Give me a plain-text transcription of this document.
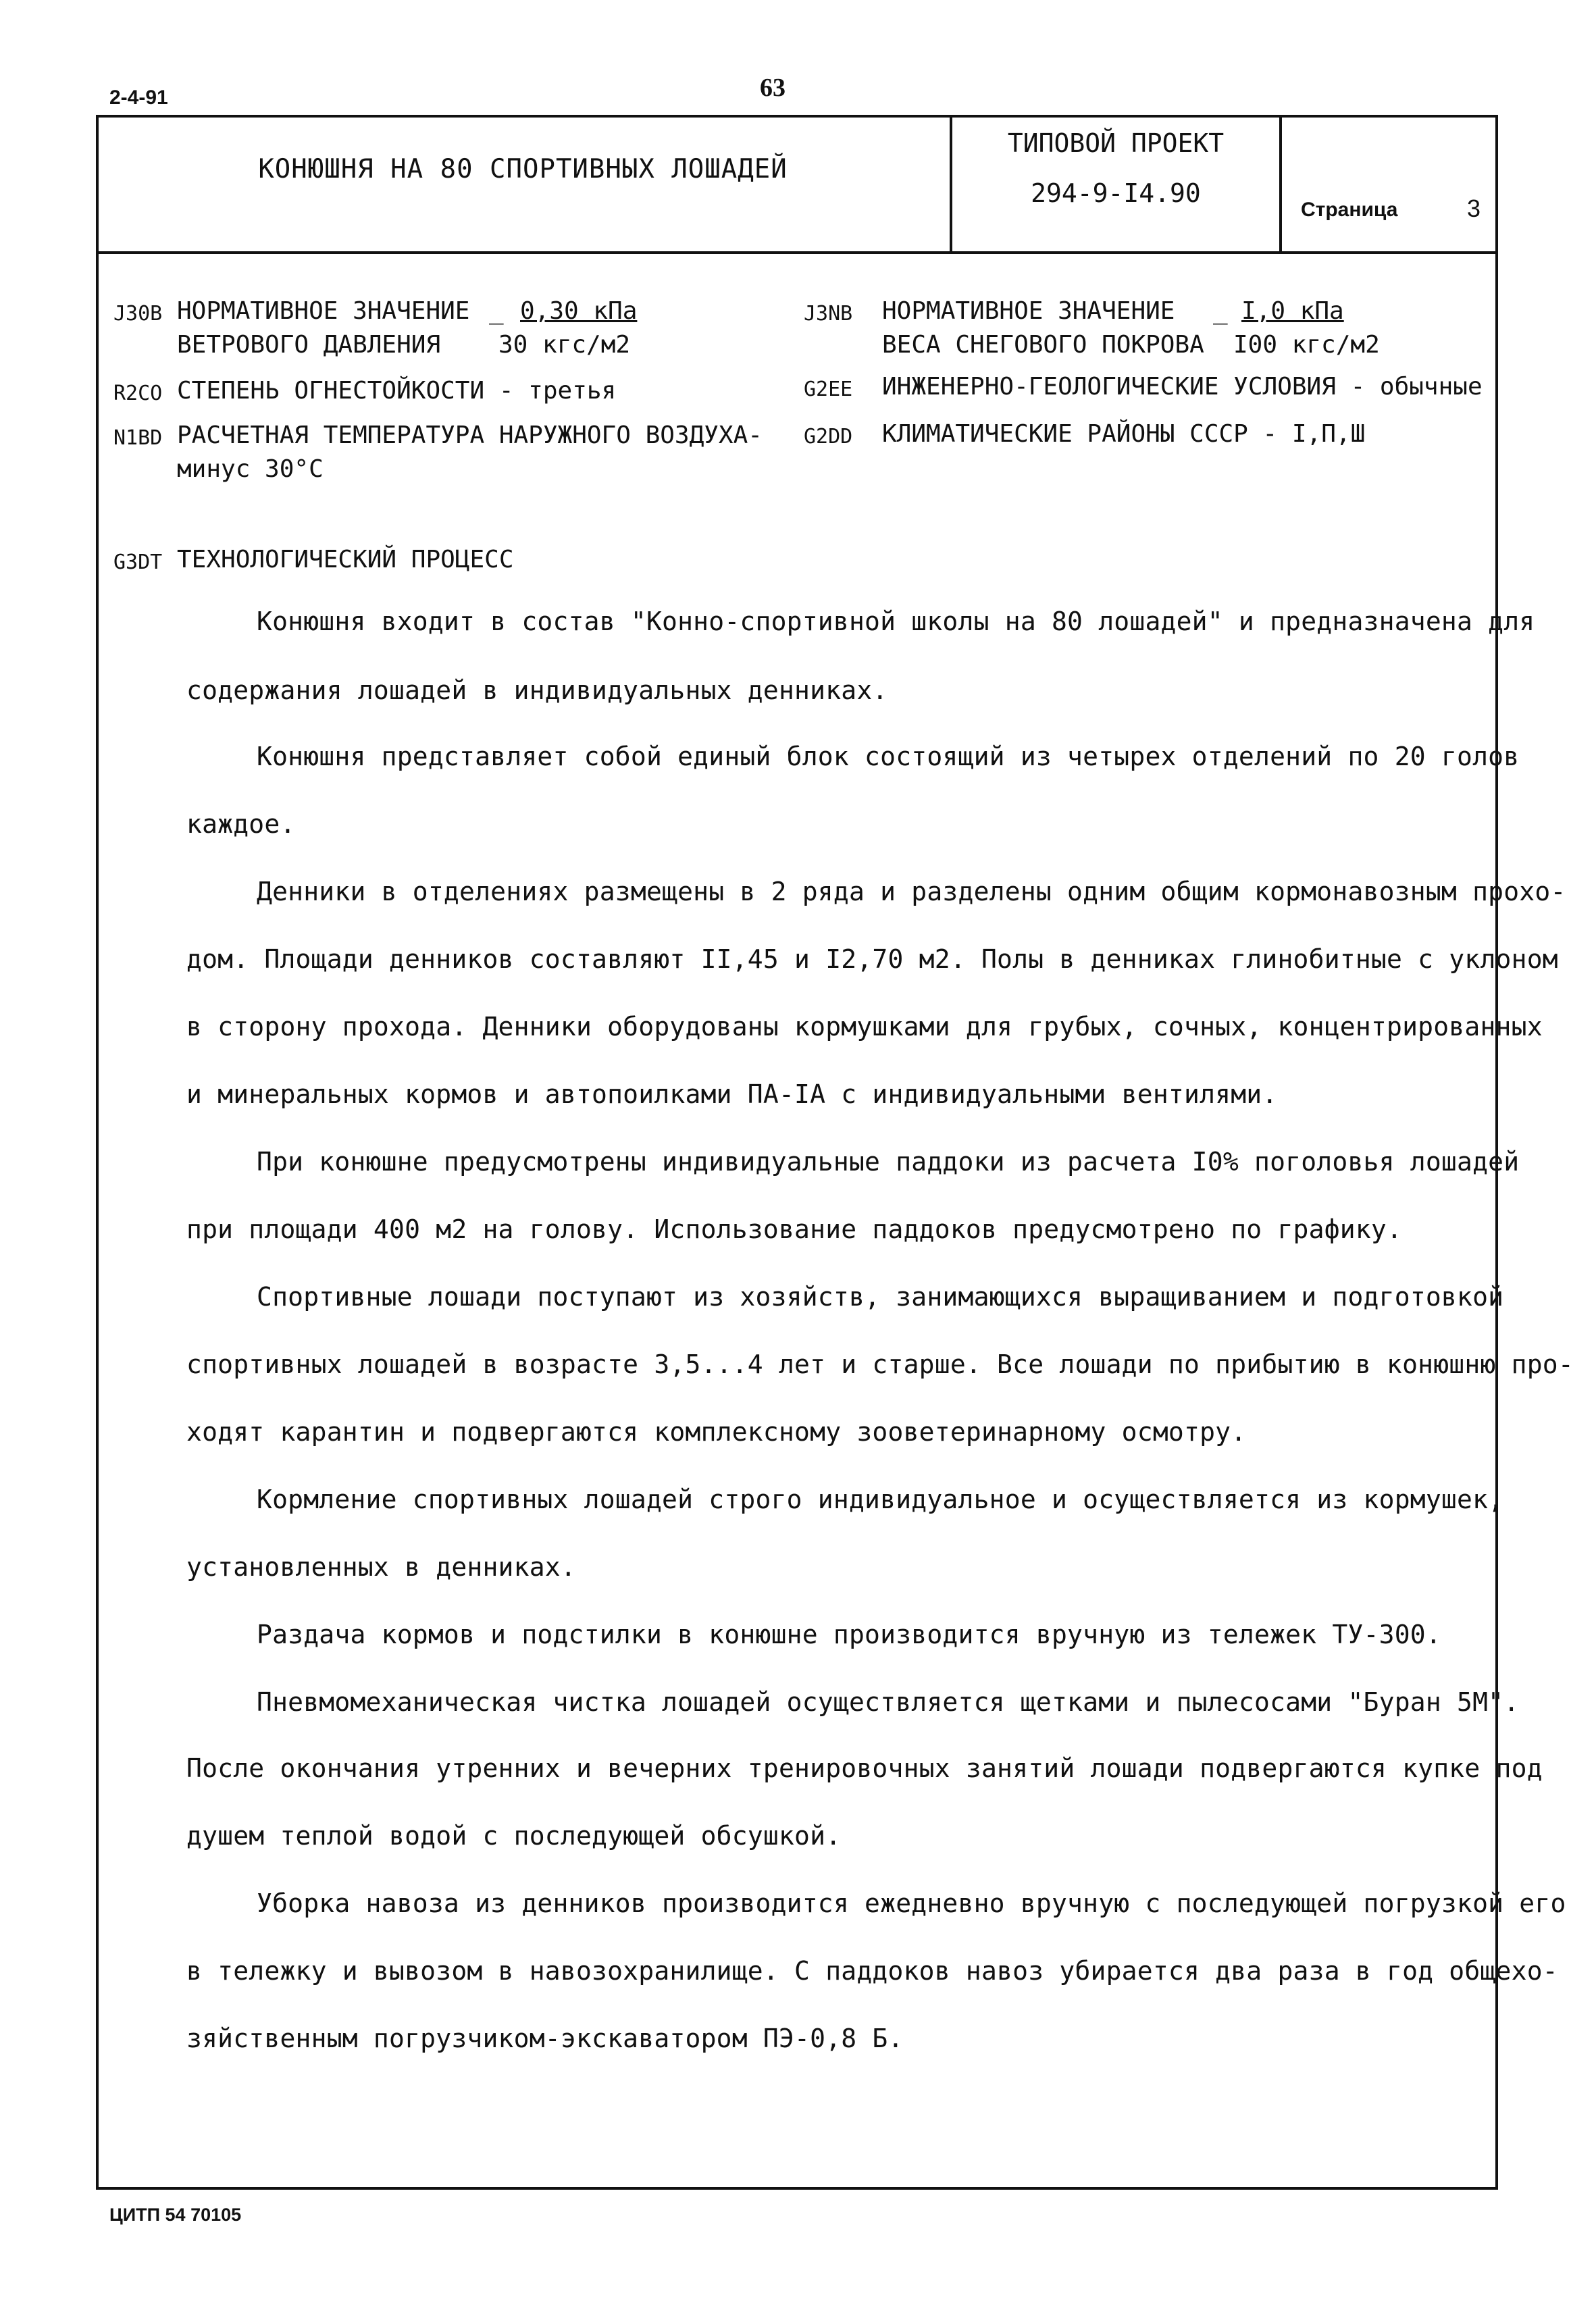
2-4-91	63
КОНЮШНЯ НА 80 СПОРТИВНЫХ ЛОШАДЕЙ
ТИПОВОЙ ПРОЕКТ
294-9-I4.90
Страница	3
J30B НОРМАТИВНОЕ ЗНАЧЕНИЕ _ 0,30 кПа
ВЕТРОВОГО ДАВЛЕНИЯ 30 кгс/м2
R2CO СТЕПЕНЬ ОГНЕСТОЙКОСТИ - третья
N1BD РАСЧЕТНАЯ ТЕМПЕРАТУРА НАРУЖНОГО ВОЗДУХА-
минус 30°С
J3NB НОРМАТИВНОЕ ЗНАЧЕНИЕ _ I,0 кПа
ВЕСА СНЕГОВОГО ПОКРОВА I00 кгс/м2
G2EE ИНЖЕНЕРНО-ГЕОЛОГИЧЕСКИЕ УСЛОВИЯ - обычные
G2DD КЛИМАТИЧЕСКИЕ РАЙОНЫ СССР - I,П,Ш
G3DT ТЕХНОЛОГИЧЕСКИЙ ПРОЦЕСС
Конюшня входит в состав "Конно-спортивной школы на 80 лошадей" и предназначена для
содержания лошадей в индивидуальных денниках.
Конюшня представляет собой единый блок состоящий из четырех отделений по 20 голов
каждое.
Денники в отделениях размещены в 2 ряда и разделены одним общим кормонавозным прохо-
дом. Площади денников составляют II,45 и I2,70 м2. Полы в денниках глинобитные с уклоном
в сторону прохода. Денники оборудованы кормушками для грубых, сочных, концентрированных
и минеральных кормов и автопоилками ПА-IА с индивидуальными вентилями.
При конюшне предусмотрены индивидуальные паддоки из расчета I0% поголовья лошадей
при площади 400 м2 на голову. Использование паддоков предусмотрено по графику.
Спортивные лошади поступают из хозяйств, занимающихся выращиванием и подготовкой
спортивных лошадей в возрасте 3,5...4 лет и старше. Все лошади по прибытию в конюшню про-
ходят карантин и подвергаются комплексному зооветеринарному осмотру.
Кормление спортивных лошадей строго индивидуальное и осуществляется из кормушек,
установленных в денниках.
Раздача кормов и подстилки в конюшне производится вручную из тележек ТУ-300.
Пневмомеханическая чистка лошадей осуществляется щетками и пылесосами "Буран 5М".
После окончания утренних и вечерних тренировочных занятий лошади подвергаются купке под
душем теплой водой с последующей обсушкой.
Уборка навоза из денников производится ежедневно вручную с последующей погрузкой его
в тележку и вывозом в навозохранилище. С паддоков навоз убирается два раза в год общехо-
зяйственным погрузчиком-экскаватором ПЭ-0,8 Б.
ЦИТП 54 70105
